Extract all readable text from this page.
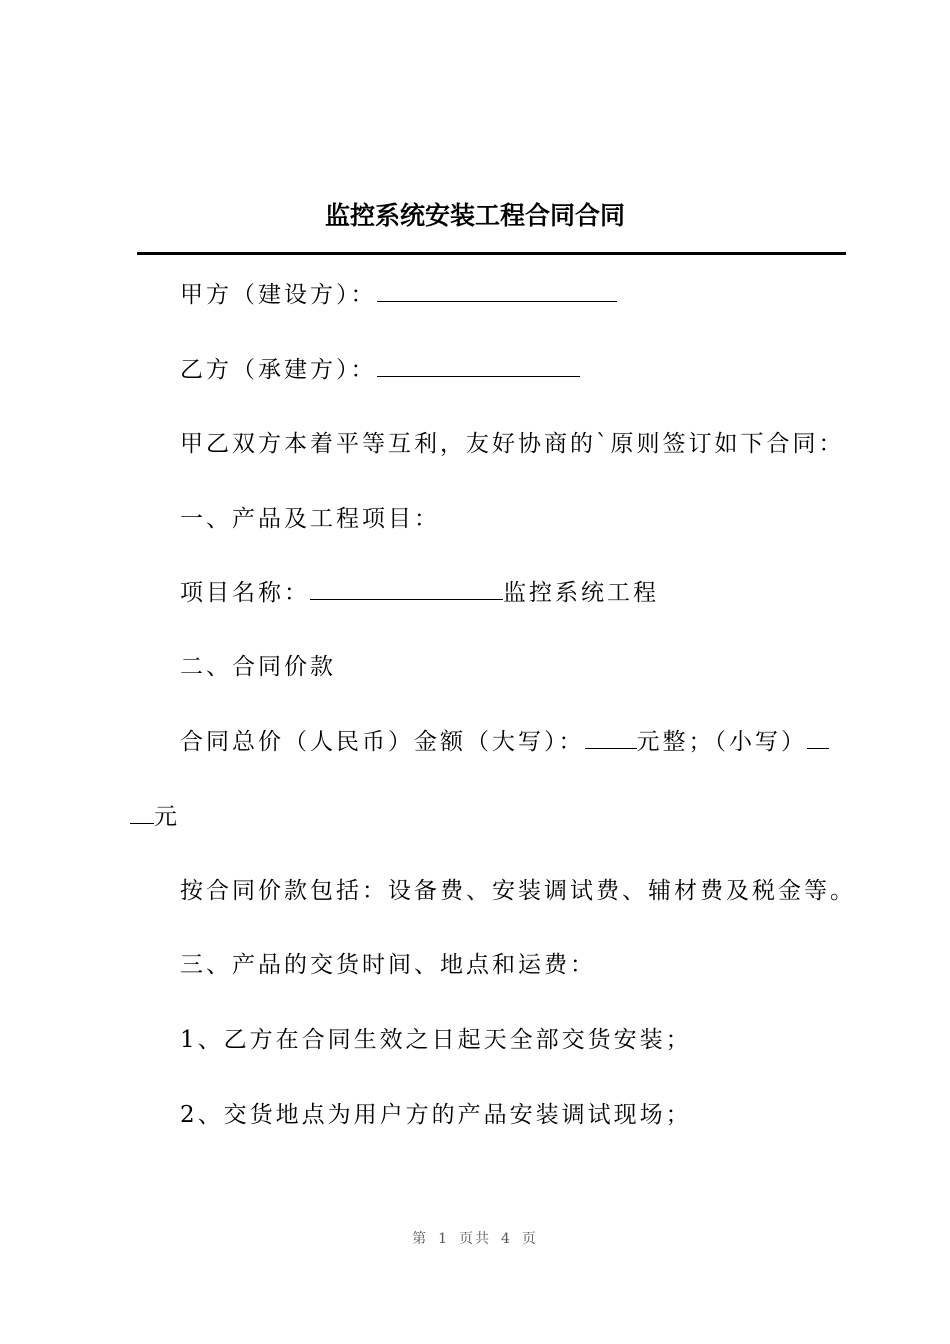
监控系统安装工程合同合同
甲方（建设方）：
乙方（承建方）：
甲乙双方本着平等互利，友好协商的`原则签订如下合同：
一、产品及工程项目：
项目名称：	监控系统工程
二、合同价款
合同总价（人民币）金额（大写）： 元整；（小写）
元
按合同价款包括：设备费、安装调试费、辅材费及税金等。
三、产品的交货时间、地点和运费：
1、乙方在合同生效之日起天全部交货安装；
2、交货地点为用户方的产品安装调试现场；
第 1 页共 4 页
